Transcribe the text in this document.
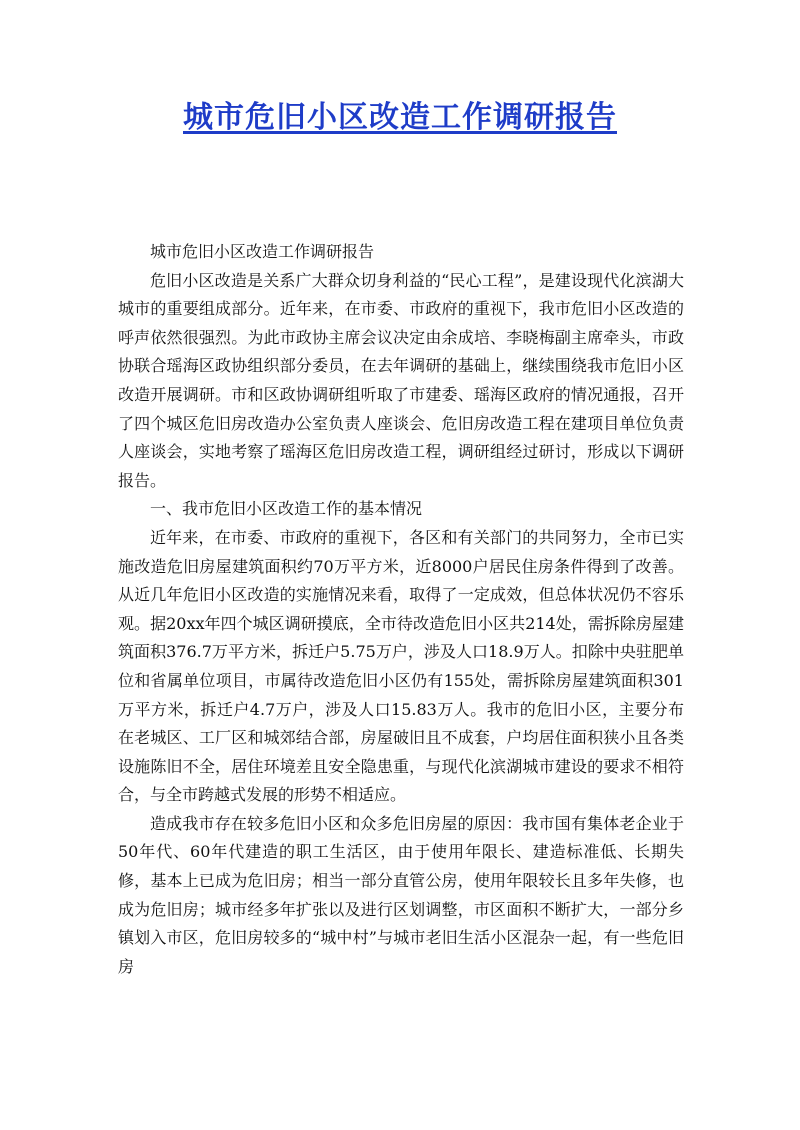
城市危旧小区改造工作调研报告

城市危旧小区改造工作调研报告

危旧小区改造是关系广大群众切身利益的“民心工程”，是建设现代化滨湖大城市的重要组成部分。近年来，在市委、市政府的重视下，我市危旧小区改造的呼声依然很强烈。为此市政协主席会议决定由余成培、李晓梅副主席牵头，市政协联合瑶海区政协组织部分委员，在去年调研的基础上，继续围绕我市危旧小区改造开展调研。市和区政协调研组听取了市建委、瑶海区政府的情况通报，召开了四个城区危旧房改造办公室负责人座谈会、危旧房改造工程在建项目单位负责人座谈会，实地考察了瑶海区危旧房改造工程，调研组经过研讨，形成以下调研报告。

一、我市危旧小区改造工作的基本情况

近年来，在市委、市政府的重视下，各区和有关部门的共同努力，全市已实施改造危旧房屋建筑面积约70万平方米，近8000户居民住房条件得到了改善。从近几年危旧小区改造的实施情况来看，取得了一定成效，但总体状况仍不容乐观。据20xx年四个城区调研摸底，全市待改造危旧小区共214处，需拆除房屋建筑面积376.7万平方米，拆迁户5.75万户，涉及人口18.9万人。扣除中央驻肥单位和省属单位项目，市属待改造危旧小区仍有155处，需拆除房屋建筑面积301万平方米，拆迁户4.7万户，涉及人口15.83万人。我市的危旧小区，主要分布在老城区、工厂区和城郊结合部，房屋破旧且不成套，户均居住面积狭小且各类设施陈旧不全，居住环境差且安全隐患重，与现代化滨湖城市建设的要求不相符合，与全市跨越式发展的形势不相适应。

造成我市存在较多危旧小区和众多危旧房屋的原因：我市国有集体老企业于50年代、60年代建造的职工生活区，由于使用年限长、建造标准低、长期失修，基本上已成为危旧房；相当一部分直管公房，使用年限较长且多年失修，也成为危旧房；城市经多年扩张以及进行区划调整，市区面积不断扩大，一部分乡镇划入市区，危旧房较多的“城中村”与城市老旧生活小区混杂一起，有一些危旧房
